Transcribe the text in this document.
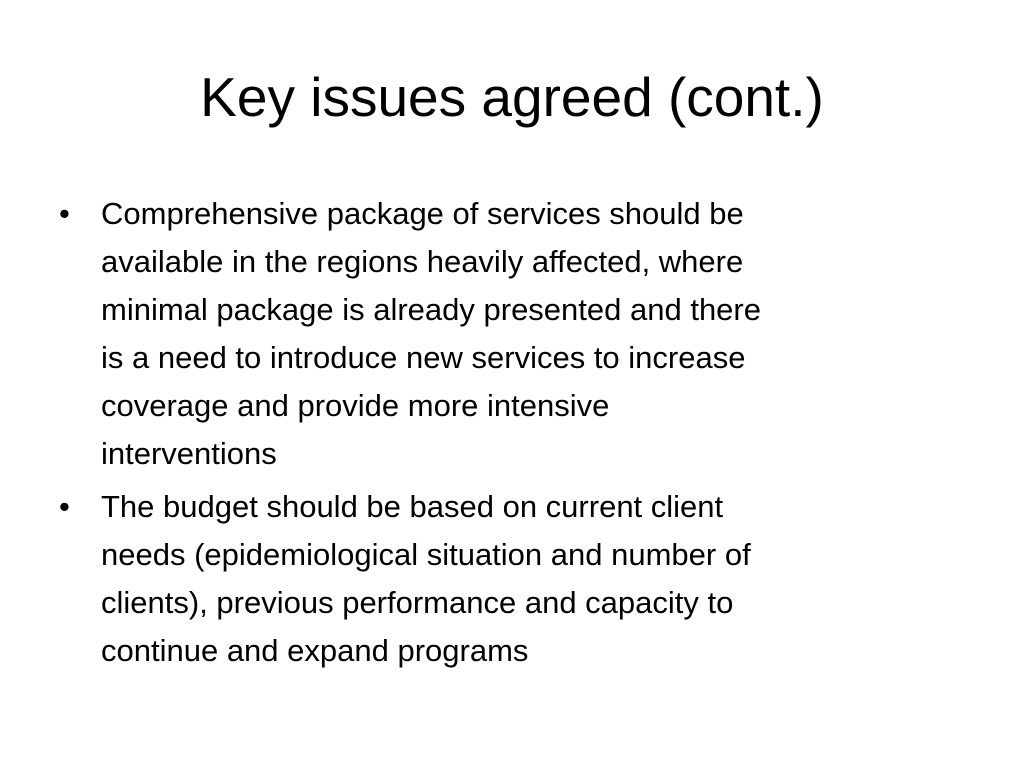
Key issues agreed (cont.)
• Comprehensive package of services should be
available in the regions heavily affected, where
minimal package is already presented and there
is a need to introduce new services to increase
coverage and provide more intensive
interventions
• The budget should be based on current client
needs (epidemiological situation and number of
clients), previous performance and capacity to
continue and expand programs
